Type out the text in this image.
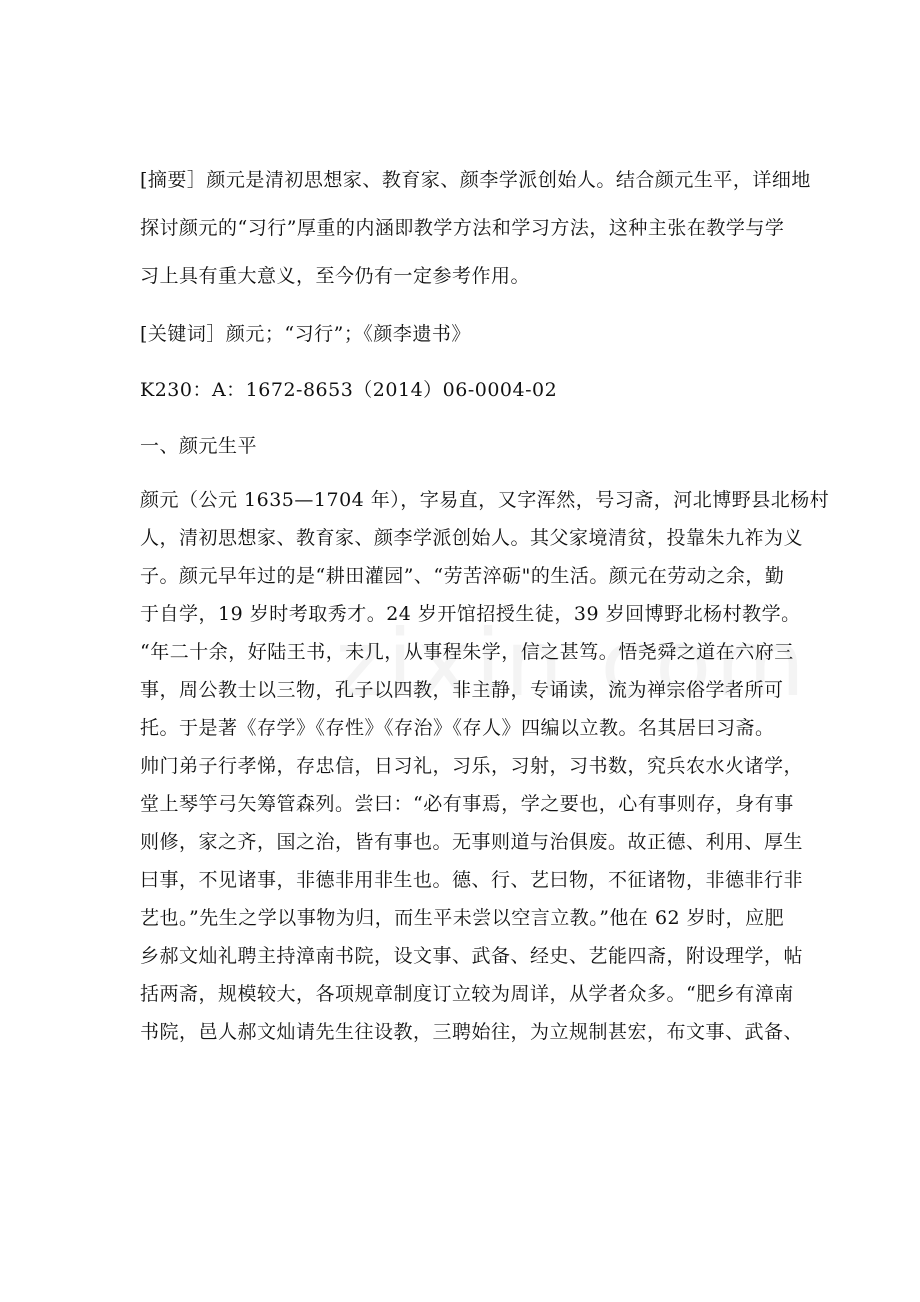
[摘要］颜元是清初思想家、教育家、颜李学派创始人。结合颜元生平，详细地
探讨颜元的“习行”厚重的内涵即教学方法和学习方法，这种主张在教学与学
习上具有重大意义，至今仍有一定参考作用。
[关键词］颜元；“习行”；《颜李遗书》
K230：A：1672-8653（2014）06-0004-02
一、颜元生平
颜元（公元 1635—1704 年），字易直，又字浑然，号习斋，河北博野县北杨村
人，清初思想家、教育家、颜李学派创始人。其父家境清贫，投靠朱九祚为义
子。颜元早年过的是“耕田灌园”、“劳苦淬砺"的生活。颜元在劳动之余，勤
于自学，19 岁时考取秀才。24 岁开馆招授生徒，39 岁回博野北杨村教学。
“年二十余，好陆王书，未几，从事程朱学，信之甚笃。悟尧舜之道在六府三
事，周公教士以三物，孔子以四教，非主静，专诵读，流为禅宗俗学者所可
托。于是著《存学》《存性》《存治》《存人》四编以立教。名其居曰习斋。
帅门弟子行孝悌，存忠信，日习礼，习乐，习射，习书数，究兵农水火诸学，
堂上琴竽弓矢筹管森列。尝曰：“必有事焉，学之要也，心有事则存，身有事
则修，家之齐，国之治，皆有事也。无事则道与治俱废。故正德、利用、厚生
曰事，不见诸事，非德非用非生也。德、行、艺曰物，不征诸物，非德非行非
艺也。”先生之学以事物为归，而生平未尝以空言立教。”他在 62 岁时，应肥
乡郝文灿礼聘主持漳南书院，设文事、武备、经史、艺能四斋，附设理学，帖
括两斋，规模较大，各项规章制度订立较为周详，从学者众多。“肥乡有漳南
书院，邑人郝文灿请先生往设教，三聘始往，为立规制甚宏，布文事、武备、
